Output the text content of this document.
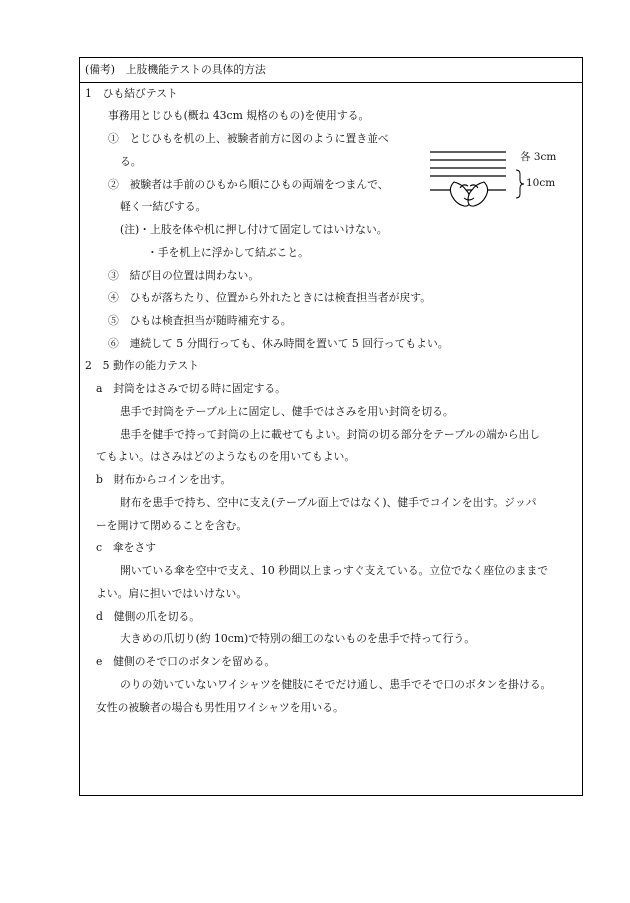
(備考)　上肢機能テストの具体的方法
1　ひも結びテスト
事務用とじひも(概ね 43cm 規格のもの)を使用する。
①　とじひもを机の上、被験者前方に図のように置き並べ
る。
②　被験者は手前のひもから順にひもの両端をつまんで、
軽く一結びする。
(注)・上肢を体や机に押し付けて固定してはいけない。
・手を机上に浮かして結ぶこと。
③　結び目の位置は問わない。
④　ひもが落ちたり、位置から外れたときには検査担当者が戻す。
⑤　ひもは検査担当が随時補充する。
⑥　連続して 5 分間行っても、休み時間を置いて 5 回行ってもよい。
2　5 動作の能力テスト
a　封筒をはさみで切る時に固定する。
患手で封筒をテーブル上に固定し、健手ではさみを用い封筒を切る。
患手を健手で持って封筒の上に載せてもよい。封筒の切る部分をテーブルの端から出し
てもよい。はさみはどのようなものを用いてもよい。
b　財布からコインを出す。
財布を患手で持ち、空中に支え(テーブル面上ではなく)、健手でコインを出す。ジッパ
ーを開けて閉めることを含む。
c　傘をさす
開いている傘を空中で支え、10 秒間以上まっすぐ支えている。立位でなく座位のままで
よい。肩に担いではいけない。
d　健側の爪を切る。
大きめの爪切り(約 10cm)で特別の細工のないものを患手で持って行う。
e　健側のそで口のボタンを留める。
のりの効いていないワイシャツを健肢にそでだけ通し、患手でそで口のボタンを掛ける。
女性の被験者の場合も男性用ワイシャツを用いる。
各 3cm
10cm
